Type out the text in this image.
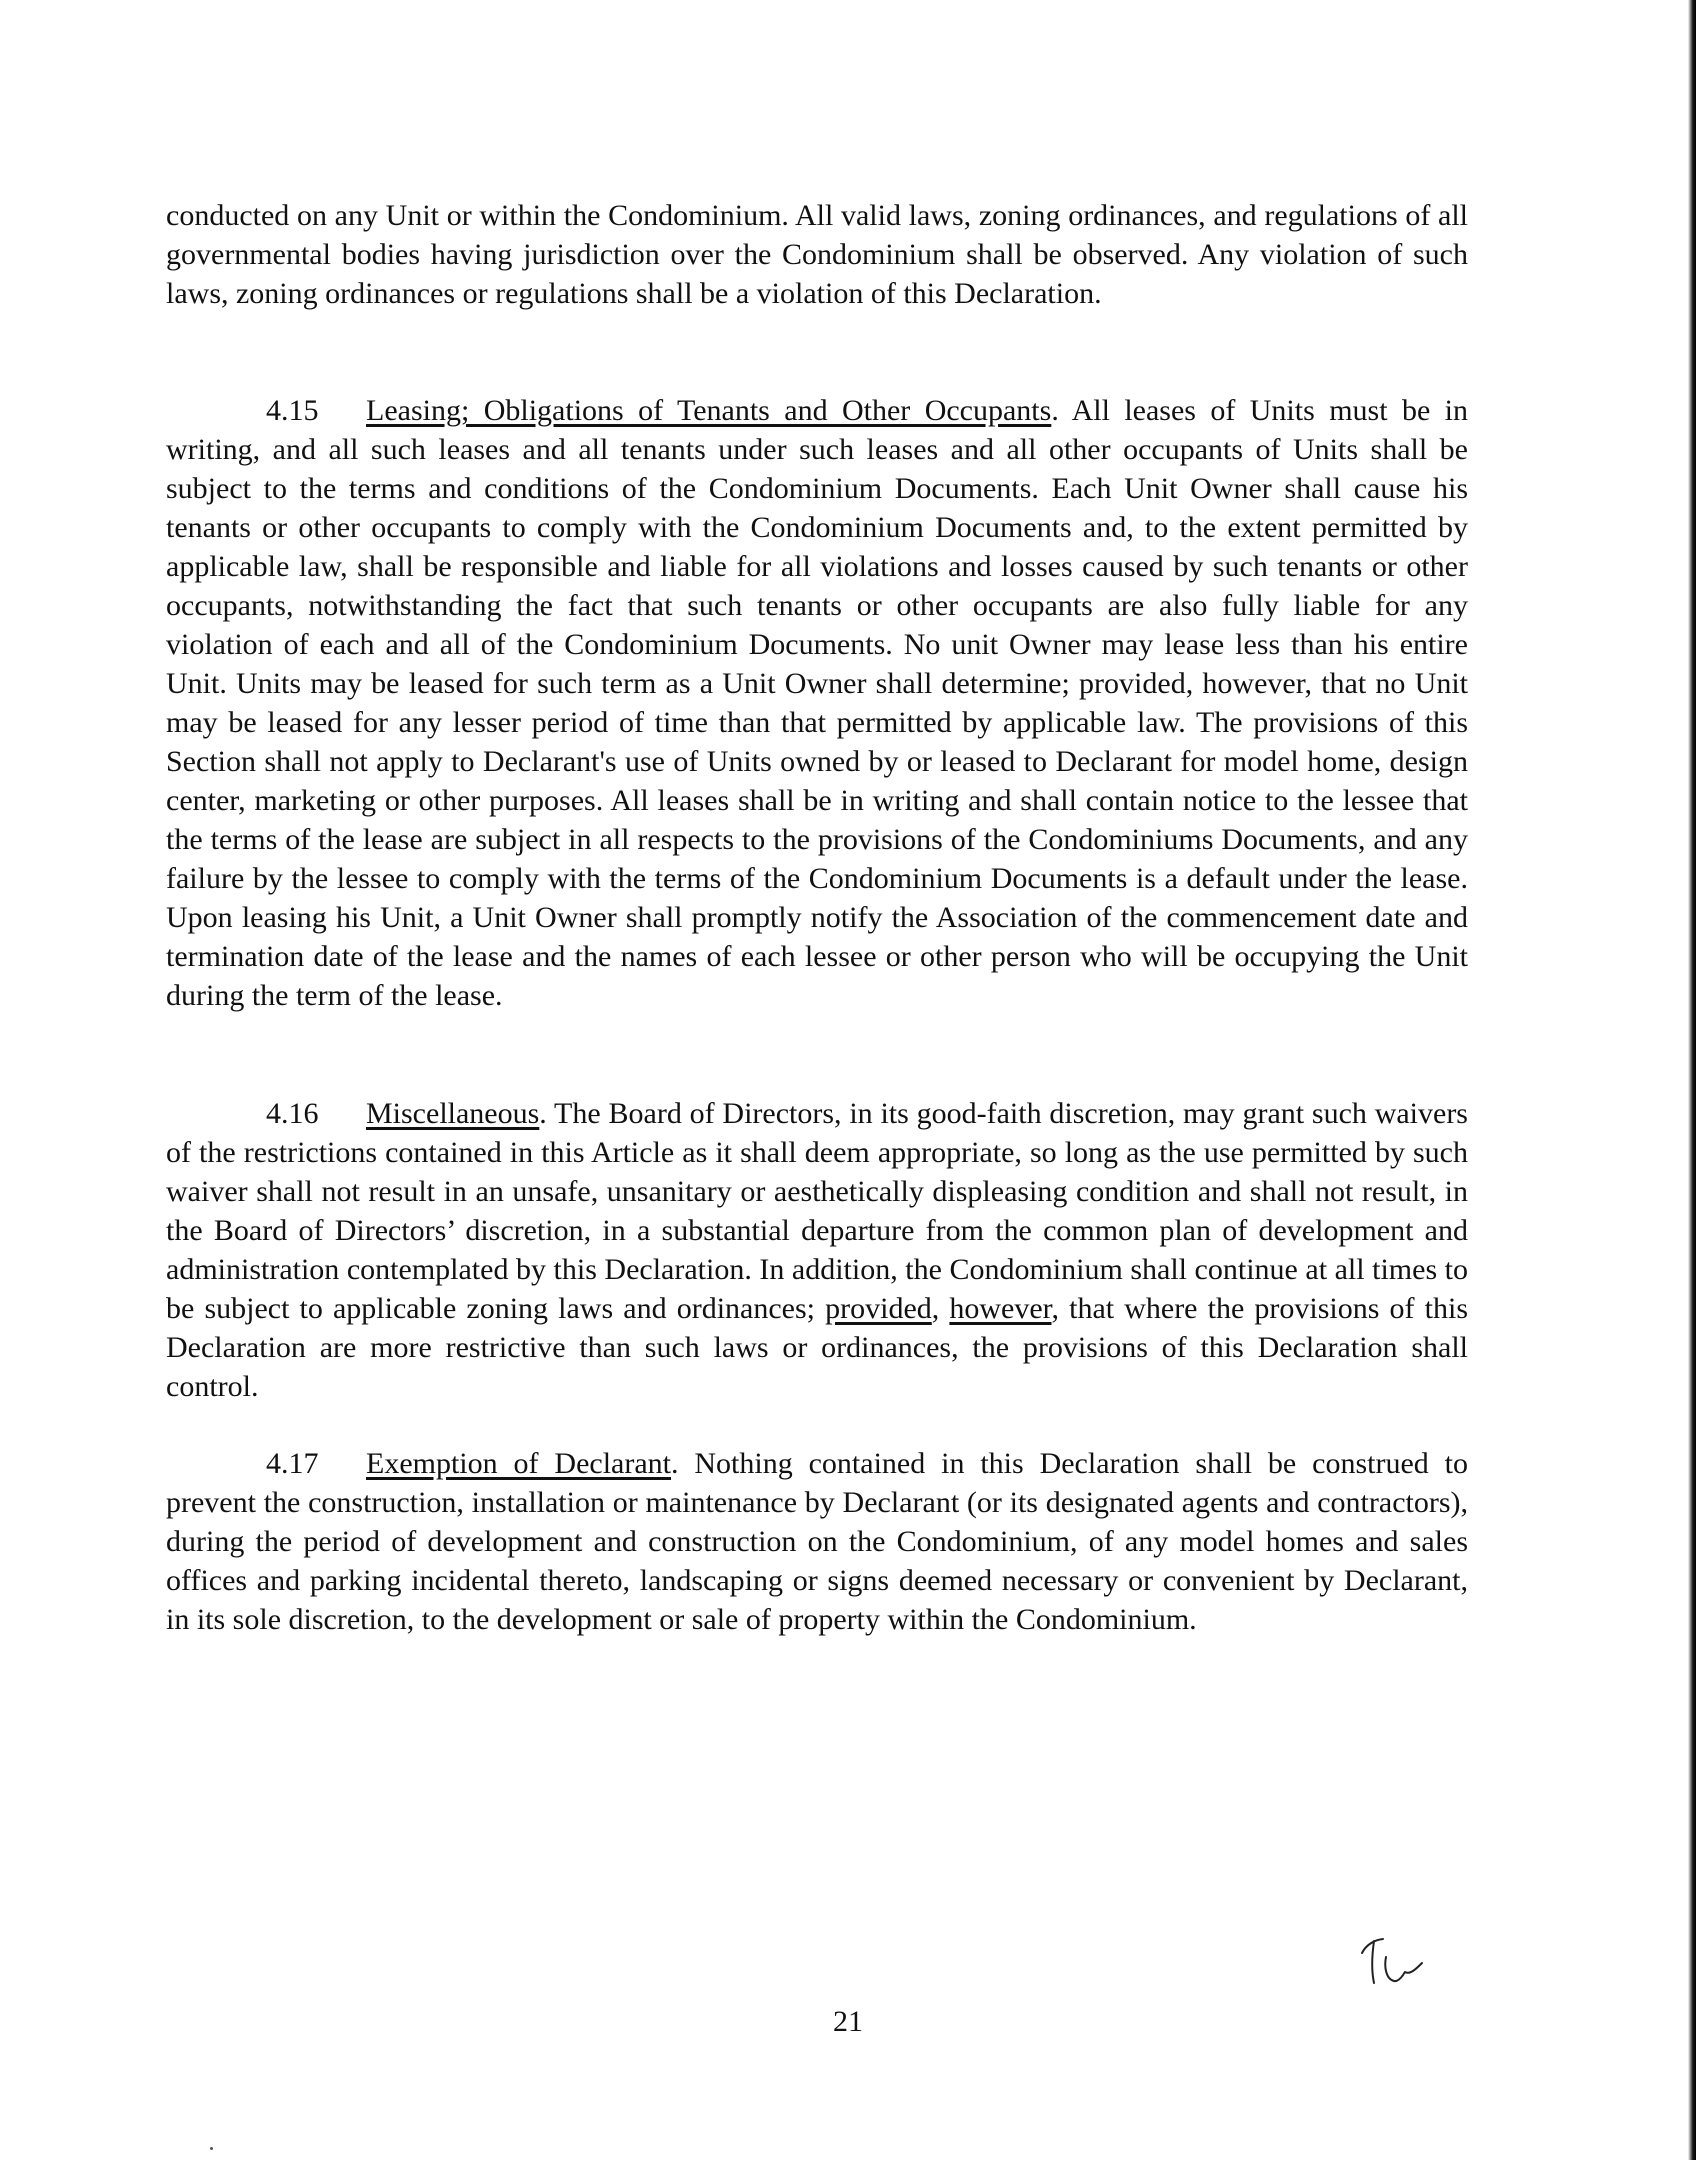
conducted on any Unit or within the Condominium. All valid laws, zoning ordinances, and regulations of all governmental bodies having jurisdiction over the Condominium shall be observed. Any violation of such laws, zoning ordinances or regulations shall be a violation of this Declaration.

4.15 Leasing; Obligations of Tenants and Other Occupants. All leases of Units must be in writing, and all such leases and all tenants under such leases and all other occupants of Units shall be subject to the terms and conditions of the Condominium Documents. Each Unit Owner shall cause his tenants or other occupants to comply with the Condominium Documents and, to the extent permitted by applicable law, shall be responsible and liable for all violations and losses caused by such tenants or other occupants, notwithstanding the fact that such tenants or other occupants are also fully liable for any violation of each and all of the Condominium Documents. No unit Owner may lease less than his entire Unit. Units may be leased for such term as a Unit Owner shall determine; provided, however, that no Unit may be leased for any lesser period of time than that permitted by applicable law. The provisions of this Section shall not apply to Declarant's use of Units owned by or leased to Declarant for model home, design center, marketing or other purposes. All leases shall be in writing and shall contain notice to the lessee that the terms of the lease are subject in all respects to the provisions of the Condominiums Documents, and any failure by the lessee to comply with the terms of the Condominium Documents is a default under the lease. Upon leasing his Unit, a Unit Owner shall promptly notify the Association of the commencement date and termination date of the lease and the names of each lessee or other person who will be occupying the Unit during the term of the lease.

4.16 Miscellaneous. The Board of Directors, in its good-faith discretion, may grant such waivers of the restrictions contained in this Article as it shall deem appropriate, so long as the use permitted by such waiver shall not result in an unsafe, unsanitary or aesthetically displeasing condition and shall not result, in the Board of Directors’ discretion, in a substantial departure from the common plan of development and administration contemplated by this Declaration. In addition, the Condominium shall continue at all times to be subject to applicable zoning laws and ordinances; provided, however, that where the provisions of this Declaration are more restrictive than such laws or ordinances, the provisions of this Declaration shall control.

4.17 Exemption of Declarant. Nothing contained in this Declaration shall be construed to prevent the construction, installation or maintenance by Declarant (or its designated agents and contractors), during the period of development and construction on the Condominium, of any model homes and sales offices and parking incidental thereto, landscaping or signs deemed necessary or convenient by Declarant, in its sole discretion, to the development or sale of property within the Condominium.

21
